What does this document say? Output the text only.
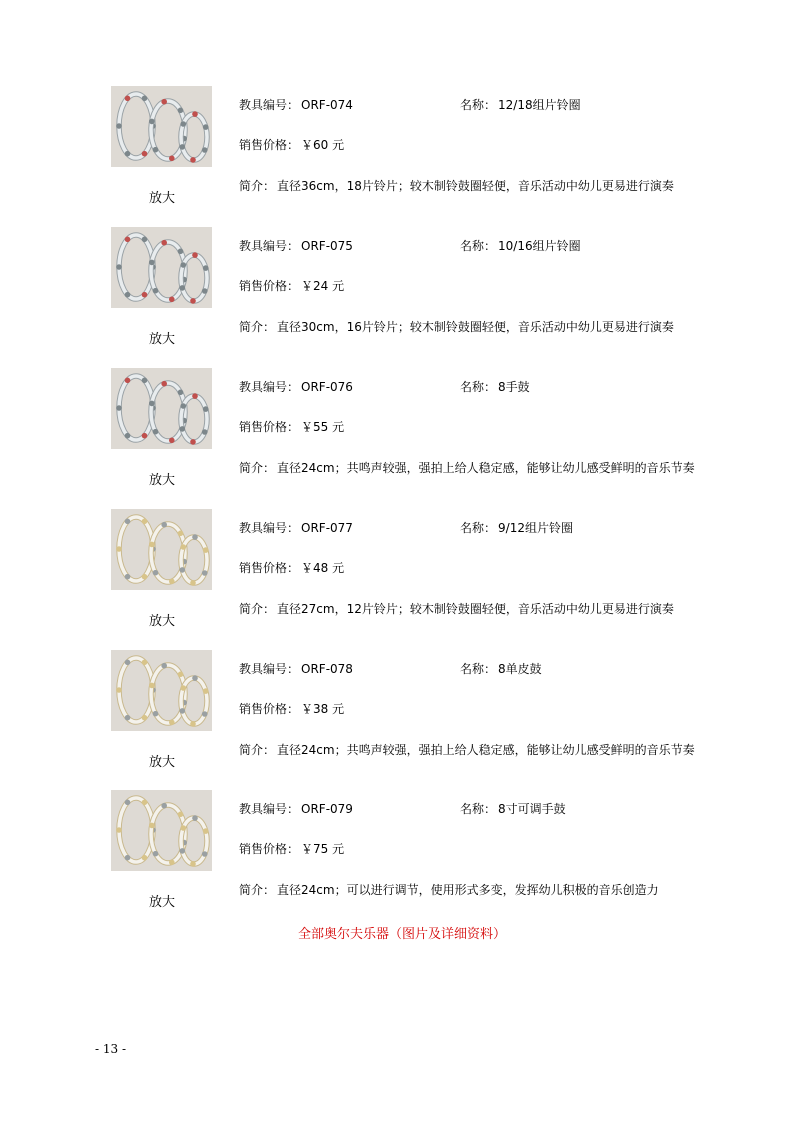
放大
教具编号： ORF-074	名称： 12/18组片铃圈
销售价格： ￥60 元
简介： 直径36cm，18片铃片；较木制铃鼓圈轻便，音乐活动中幼儿更易进行演奏
放大
教具编号： ORF-075	名称： 10/16组片铃圈
销售价格： ￥24 元
简介： 直径30cm，16片铃片；较木制铃鼓圈轻便，音乐活动中幼儿更易进行演奏
放大
教具编号： ORF-076	名称： 8手鼓
销售价格： ￥55 元
简介： 直径24cm；共鸣声较强，强拍上给人稳定感，能够让幼儿感受鲜明的音乐节奏
放大
教具编号： ORF-077	名称： 9/12组片铃圈
销售价格： ￥48 元
简介： 直径27cm，12片铃片；较木制铃鼓圈轻便，音乐活动中幼儿更易进行演奏
放大
教具编号： ORF-078	名称： 8单皮鼓
销售价格： ￥38 元
简介： 直径24cm；共鸣声较强，强拍上给人稳定感，能够让幼儿感受鲜明的音乐节奏
放大
教具编号： ORF-079	名称： 8寸可调手鼓
销售价格： ￥75 元
简介： 直径24cm；可以进行调节，使用形式多变，发挥幼儿积极的音乐创造力
全部奥尔夫乐器（图片及详细资料）
- 13 -
